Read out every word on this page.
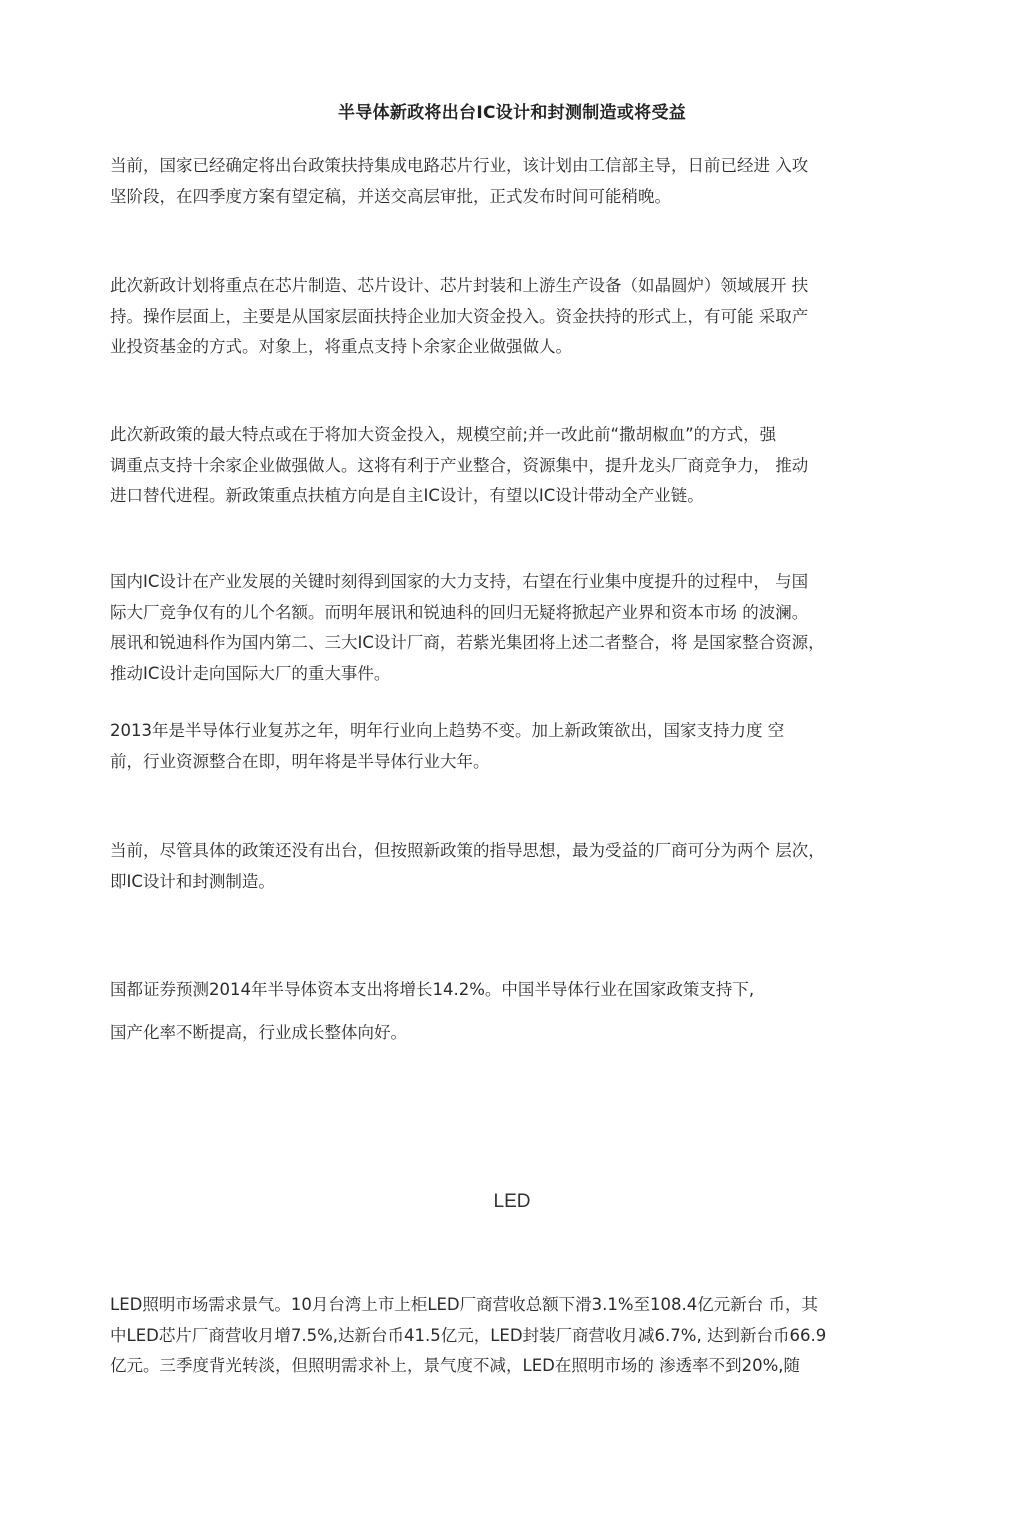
半导体新政将出台IC设计和封测制造或将受益

当前，国家已经确定将出台政策扶持集成电路芯片行业，该计划由工信部主导，日前已经进 入攻
坚阶段，在四季度方案有望定稿，并送交高层审批，正式发布时间可能稍晚。

此次新政计划将重点在芯片制造、芯片设计、芯片封装和上游生产设备（如晶圆炉）领域展开 扶
持。操作层面上，主要是从国家层面扶持企业加大资金投入。资金扶持的形式上，有可能 采取产
业投资基金的方式。对象上，将重点支持卜余家企业做强做人。

此次新政策的最大特点或在于将加大资金投入，规模空前;并一改此前“撒胡椒血”的方式，强
调重点支持十余家企业做强做人。这将有利于产业整合，资源集中，提升龙头厂商竞争力， 推动
进口替代进程。新政策重点扶植方向是自主IC设计，有望以IC设计带动全产业链。

国内IC设计在产业发展的关键时刻得到国家的大力支持，右望在行业集中度提升的过程中， 与国
际大厂竞争仅有的儿个名额。而明年展讯和锐迪科的回归无疑将掀起产业界和资本市场 的波澜。
展讯和锐迪科作为国内第二、三大IC设计厂商，若紫光集团将上述二者整合，将 是国家整合资源，
推动IC设计走向国际大厂的重大事件。

2013年是半导体行业复苏之年，明年行业向上趋势不变。加上新政策欲出，国家支持力度 空
前，行业资源整合在即，明年将是半导体行业大年。

当前，尽管具体的政策还没有出台，但按照新政策的指导思想，最为受益的厂商可分为两个 层次，
即IC设计和封测制造。

国都证券预测2014年半导体资本支出将增长14.2%。中国半导体行业在国家政策支持下,

国产化率不断提高，行业成长整体向好。

LED

LED照明市场需求景气。10月台湾上市上柜LED厂商营收总额下滑3.1%至108.4亿元新台 币，其
中LED芯片厂商营收月增7.5%,达新台币41.5亿元，LED封装厂商营收月减6.7%, 达到新台币66.9
亿元。三季度背光转淡，但照明需求补上，景气度不减，LED在照明市场的 渗透率不到20%,随
